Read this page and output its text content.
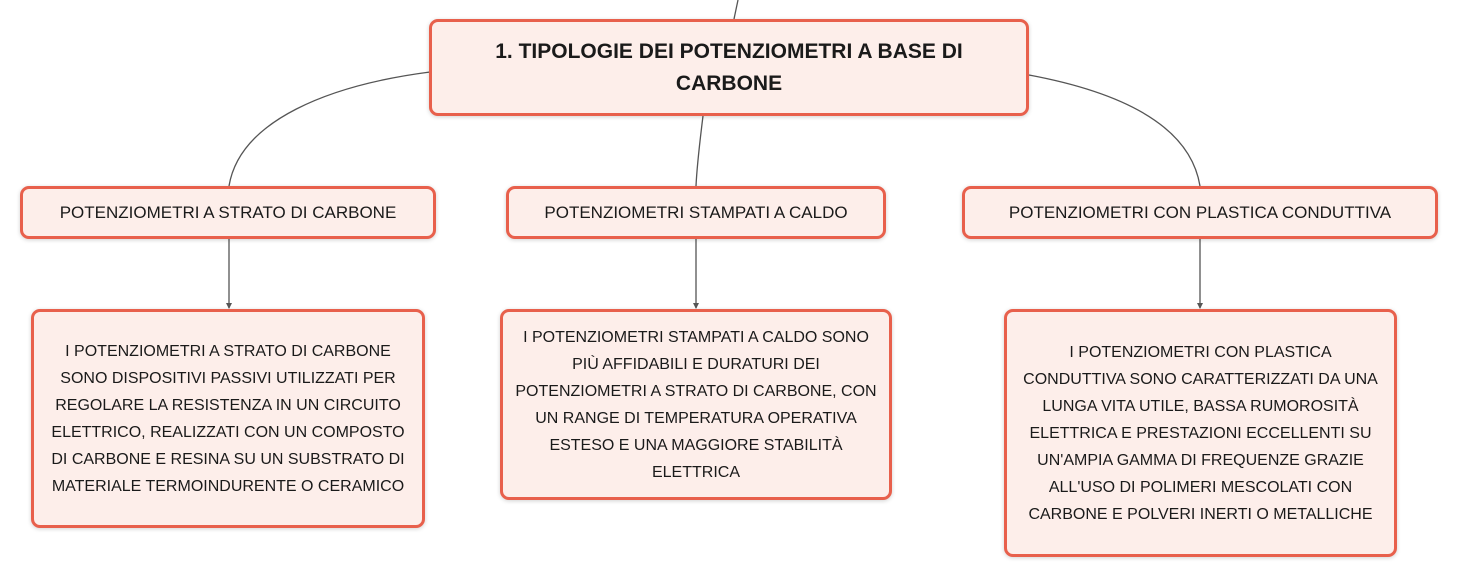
1. TIPOLOGIE DEI POTENZIOMETRI A BASE DI CARBONE
POTENZIOMETRI A STRATO DI CARBONE	POTENZIOMETRI STAMPATI A CALDO	POTENZIOMETRI CON PLASTICA CONDUTTIVA
I POTENZIOMETRI A STRATO DI CARBONE SONO DISPOSITIVI PASSIVI UTILIZZATI PER REGOLARE LA RESISTENZA IN UN CIRCUITO ELETTRICO, REALIZZATI CON UN COMPOSTO DI CARBONE E RESINA SU UN SUBSTRATO DI MATERIALE TERMOINDURENTE O CERAMICO
I POTENZIOMETRI STAMPATI A CALDO SONO PIÙ AFFIDABILI E DURATURI DEI POTENZIOMETRI A STRATO DI CARBONE, CON UN RANGE DI TEMPERATURA OPERATIVA ESTESO E UNA MAGGIORE STABILITÀ ELETTRICA
I POTENZIOMETRI CON PLASTICA CONDUTTIVA SONO CARATTERIZZATI DA UNA LUNGA VITA UTILE, BASSA RUMOROSITÀ ELETTRICA E PRESTAZIONI ECCELLENTI SU UN'AMPIA GAMMA DI FREQUENZE GRAZIE ALL'USO DI POLIMERI MESCOLATI CON CARBONE E POLVERI INERTI O METALLICHE
